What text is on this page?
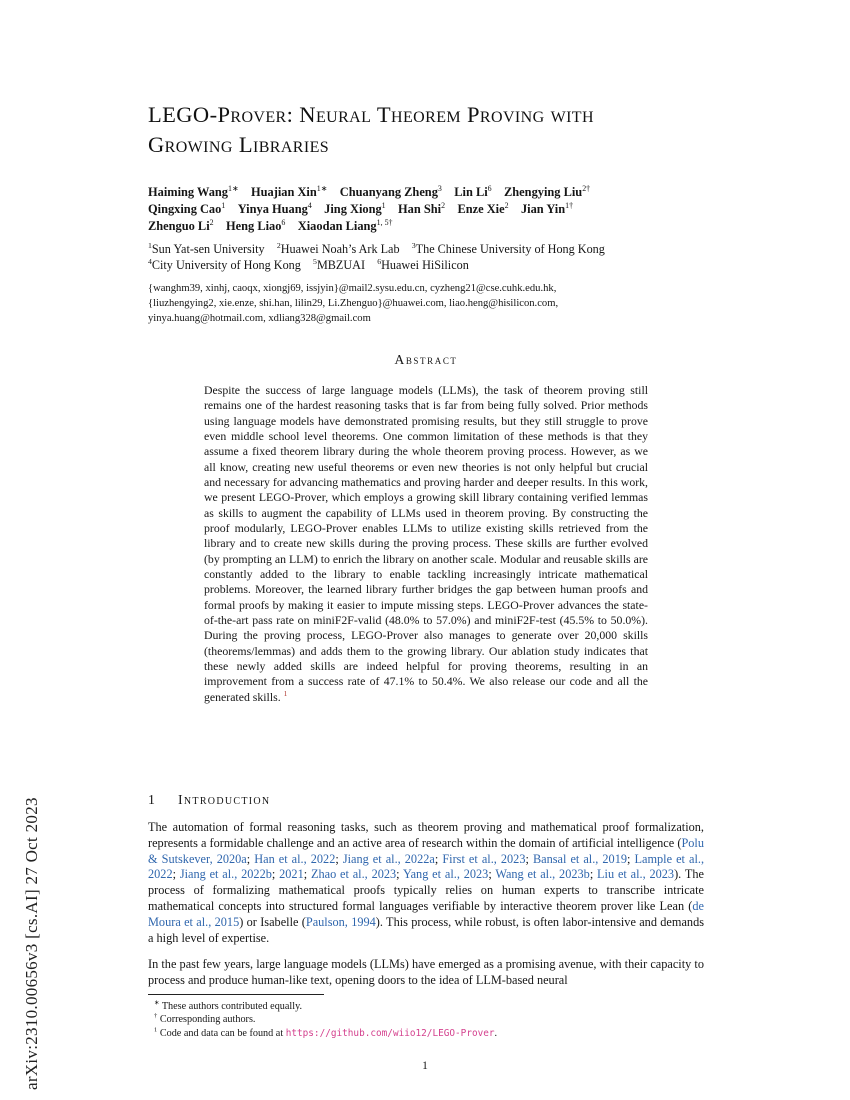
arXiv:2310.00656v3 [cs.AI] 27 Oct 2023
LEGO-Prover: Neural Theorem Proving with
Growing Libraries
Haiming Wang$^{1∗}$  Huajian Xin$^{1∗}$  Chuanyang Zheng$^3$  Lin Li$^6$  Zhengying Liu$^{2\dagger}$
Qingxing Cao$^1$  Yinya Huang$^4$  Jing Xiong$^1$  Han Shi$^2$  Enze Xie$^2$  Jian Yin$^{1\dagger}$
Zhenguo Li$^2$  Heng Liao$^6$  Xiaodan Liang$^{1, 5\dagger}$
$^1$Sun Yat-sen University  $^2$Huawei Noah’s Ark Lab  $^3$The Chinese University of Hong Kong
$^4$City University of Hong Kong  $^5$MBZUAI  $^6$Huawei HiSilicon
{wanghm39, xinhj, caoqx, xiongj69, issjyin}@mail2.sysu.edu.cn, cyzheng21@cse.cuhk.edu.hk,
{liuzhengying2, xie.enze, shi.han, lilin29, Li.Zhenguo}@huawei.com, liao.heng@hisilicon.com,
yinya.huang@hotmail.com, xdliang328@gmail.com
Abstract
Despite the success of large language models (LLMs), the task of theorem proving still remains one of the hardest reasoning tasks that is far from being fully solved. Prior methods using language models have demonstrated promising results, but they still struggle to prove even middle school level theorems. One common limitation of these methods is that they assume a fixed theorem library during the whole theorem proving process. However, as we all know, creating new useful theorems or even new theories is not only helpful but crucial and necessary for advancing mathematics and proving harder and deeper results. In this work, we present LEGO-Prover, which employs a growing skill library containing verified lemmas as skills to augment the capability of LLMs used in theorem proving. By constructing the proof modularly, LEGO-Prover enables LLMs to utilize existing skills retrieved from the library and to create new skills during the proving process. These skills are further evolved (by prompting an LLM) to enrich the library on another scale. Modular and reusable skills are constantly added to the library to enable tackling increasingly intricate mathematical problems. Moreover, the learned library further bridges the gap between human proofs and formal proofs by making it easier to impute missing steps. LEGO-Prover advances the state-of-the-art pass rate on miniF2F-valid (48.0% to 57.0%) and miniF2F-test (45.5% to 50.0%). During the proving process, LEGO-Prover also manages to generate over 20,000 skills (theorems/lemmas) and adds them to the growing library. Our ablation study indicates that these newly added skills are indeed helpful for proving theorems, resulting in an improvement from a success rate of 47.1% to 50.4%. We also release our code and all the generated skills. $^1$
1 Introduction

The automation of formal reasoning tasks, such as theorem proving and mathematical proof formalization, represents a formidable challenge and an active area of research within the domain of artificial intelligence (Polu & Sutskever, 2020a; Han et al., 2022; Jiang et al., 2022a; First et al., 2023; Bansal et al., 2019; Lample et al., 2022; Jiang et al., 2022b; 2021; Zhao et al., 2023; Yang et al., 2023; Wang et al., 2023b; Liu et al., 2023). The process of formalizing mathematical proofs typically relies on human experts to transcribe intricate mathematical concepts into structured formal languages verifiable by interactive theorem prover like Lean (de Moura et al., 2015) or Isabelle (Paulson, 1994). This process, while robust, is often labor-intensive and demands a high level of expertise.

In the past few years, large language models (LLMs) have emerged as a promising avenue, with their capacity to process and produce human-like text, opening doors to the idea of LLM-based neural

∗ These authors contributed equally.
† Corresponding authors.
$^1$ Code and data can be found at https://github.com/wiio12/LEGO-Prover.
1
